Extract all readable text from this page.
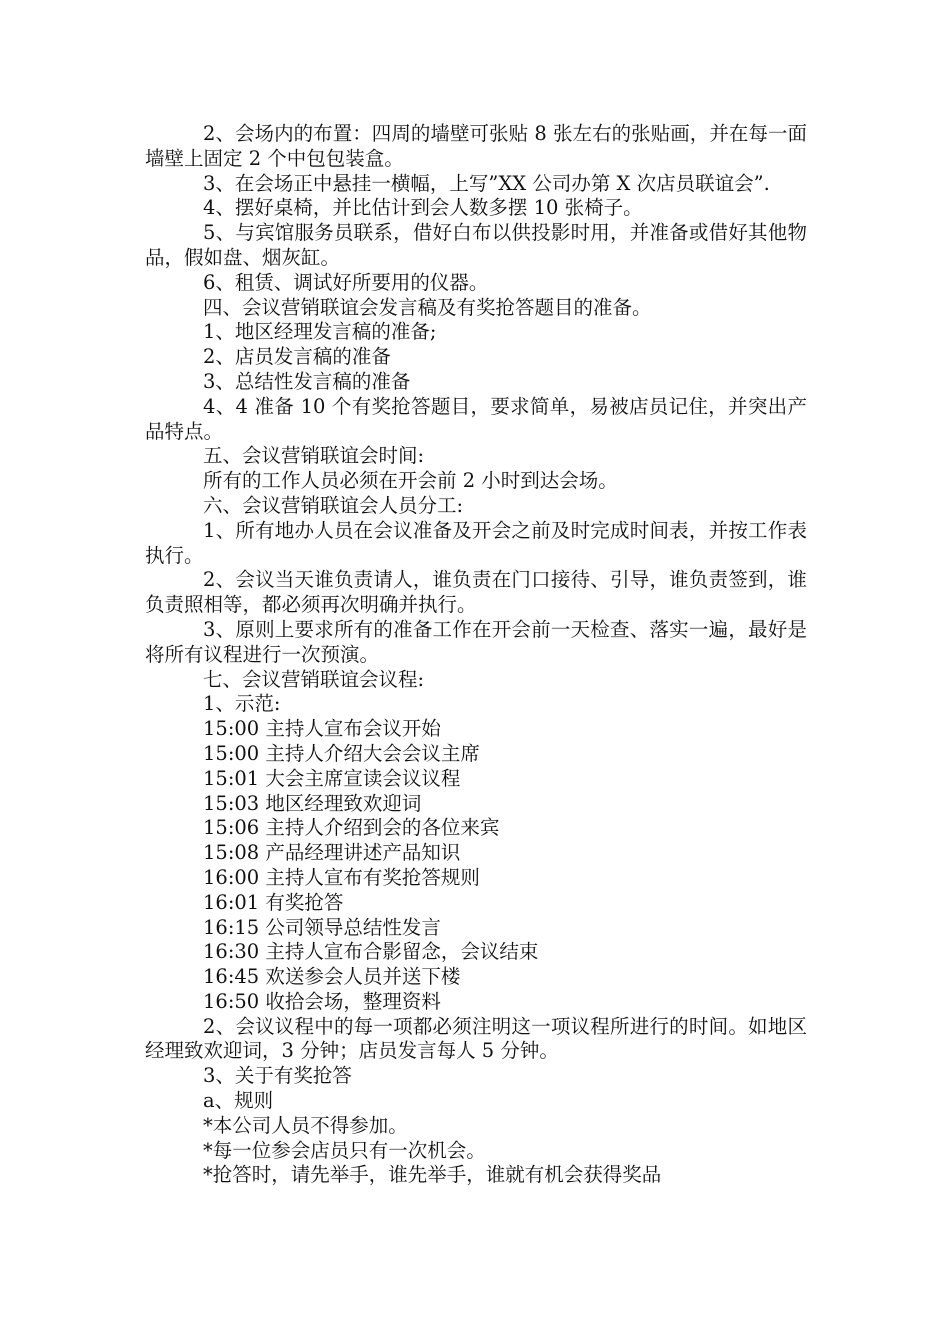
2、会场内的布置：四周的墙壁可张贴 8 张左右的张贴画，并在每一面墙壁上固定 2 个中包包装盒。

3、在会场正中悬挂一横幅，上写”XX 公司办第 X 次店员联谊会”.

4、摆好桌椅，并比估计到会人数多摆 10 张椅子。

5、与宾馆服务员联系，借好白布以供投影时用，并准备或借好其他物品，假如盘、烟灰缸。

6、租赁、调试好所要用的仪器。

四、会议营销联谊会发言稿及有奖抢答题目的准备。

1、地区经理发言稿的准备;

2、店员发言稿的准备

3、总结性发言稿的准备

4、4 准备 10 个有奖抢答题目，要求简单，易被店员记住，并突出产品特点。

五、会议营销联谊会时间:

所有的工作人员必须在开会前 2 小时到达会场。

六、会议营销联谊会人员分工:

1、所有地办人员在会议准备及开会之前及时完成时间表，并按工作表执行。

2、会议当天谁负责请人，谁负责在门口接待、引导，谁负责签到，谁负责照相等，都必须再次明确并执行。

3、原则上要求所有的准备工作在开会前一天检查、落实一遍，最好是将所有议程进行一次预演。

七、会议营销联谊会议程:

1、示范:

15:00 主持人宣布会议开始

15:00 主持人介绍大会会议主席

15:01 大会主席宣读会议议程

15:03 地区经理致欢迎词

15:06 主持人介绍到会的各位来宾

15:08 产品经理讲述产品知识

16:00 主持人宣布有奖抢答规则

16:01 有奖抢答

16:15 公司领导总结性发言

16:30 主持人宣布合影留念，会议结束

16:45 欢送参会人员并送下楼

16:50 收拾会场，整理资料

2、会议议程中的每一项都必须注明这一项议程所进行的时间。如地区经理致欢迎词，3 分钟；店员发言每人 5 分钟。

3、关于有奖抢答

a、规则

*本公司人员不得参加。

*每一位参会店员只有一次机会。

*抢答时，请先举手，谁先举手，谁就有机会获得奖品
